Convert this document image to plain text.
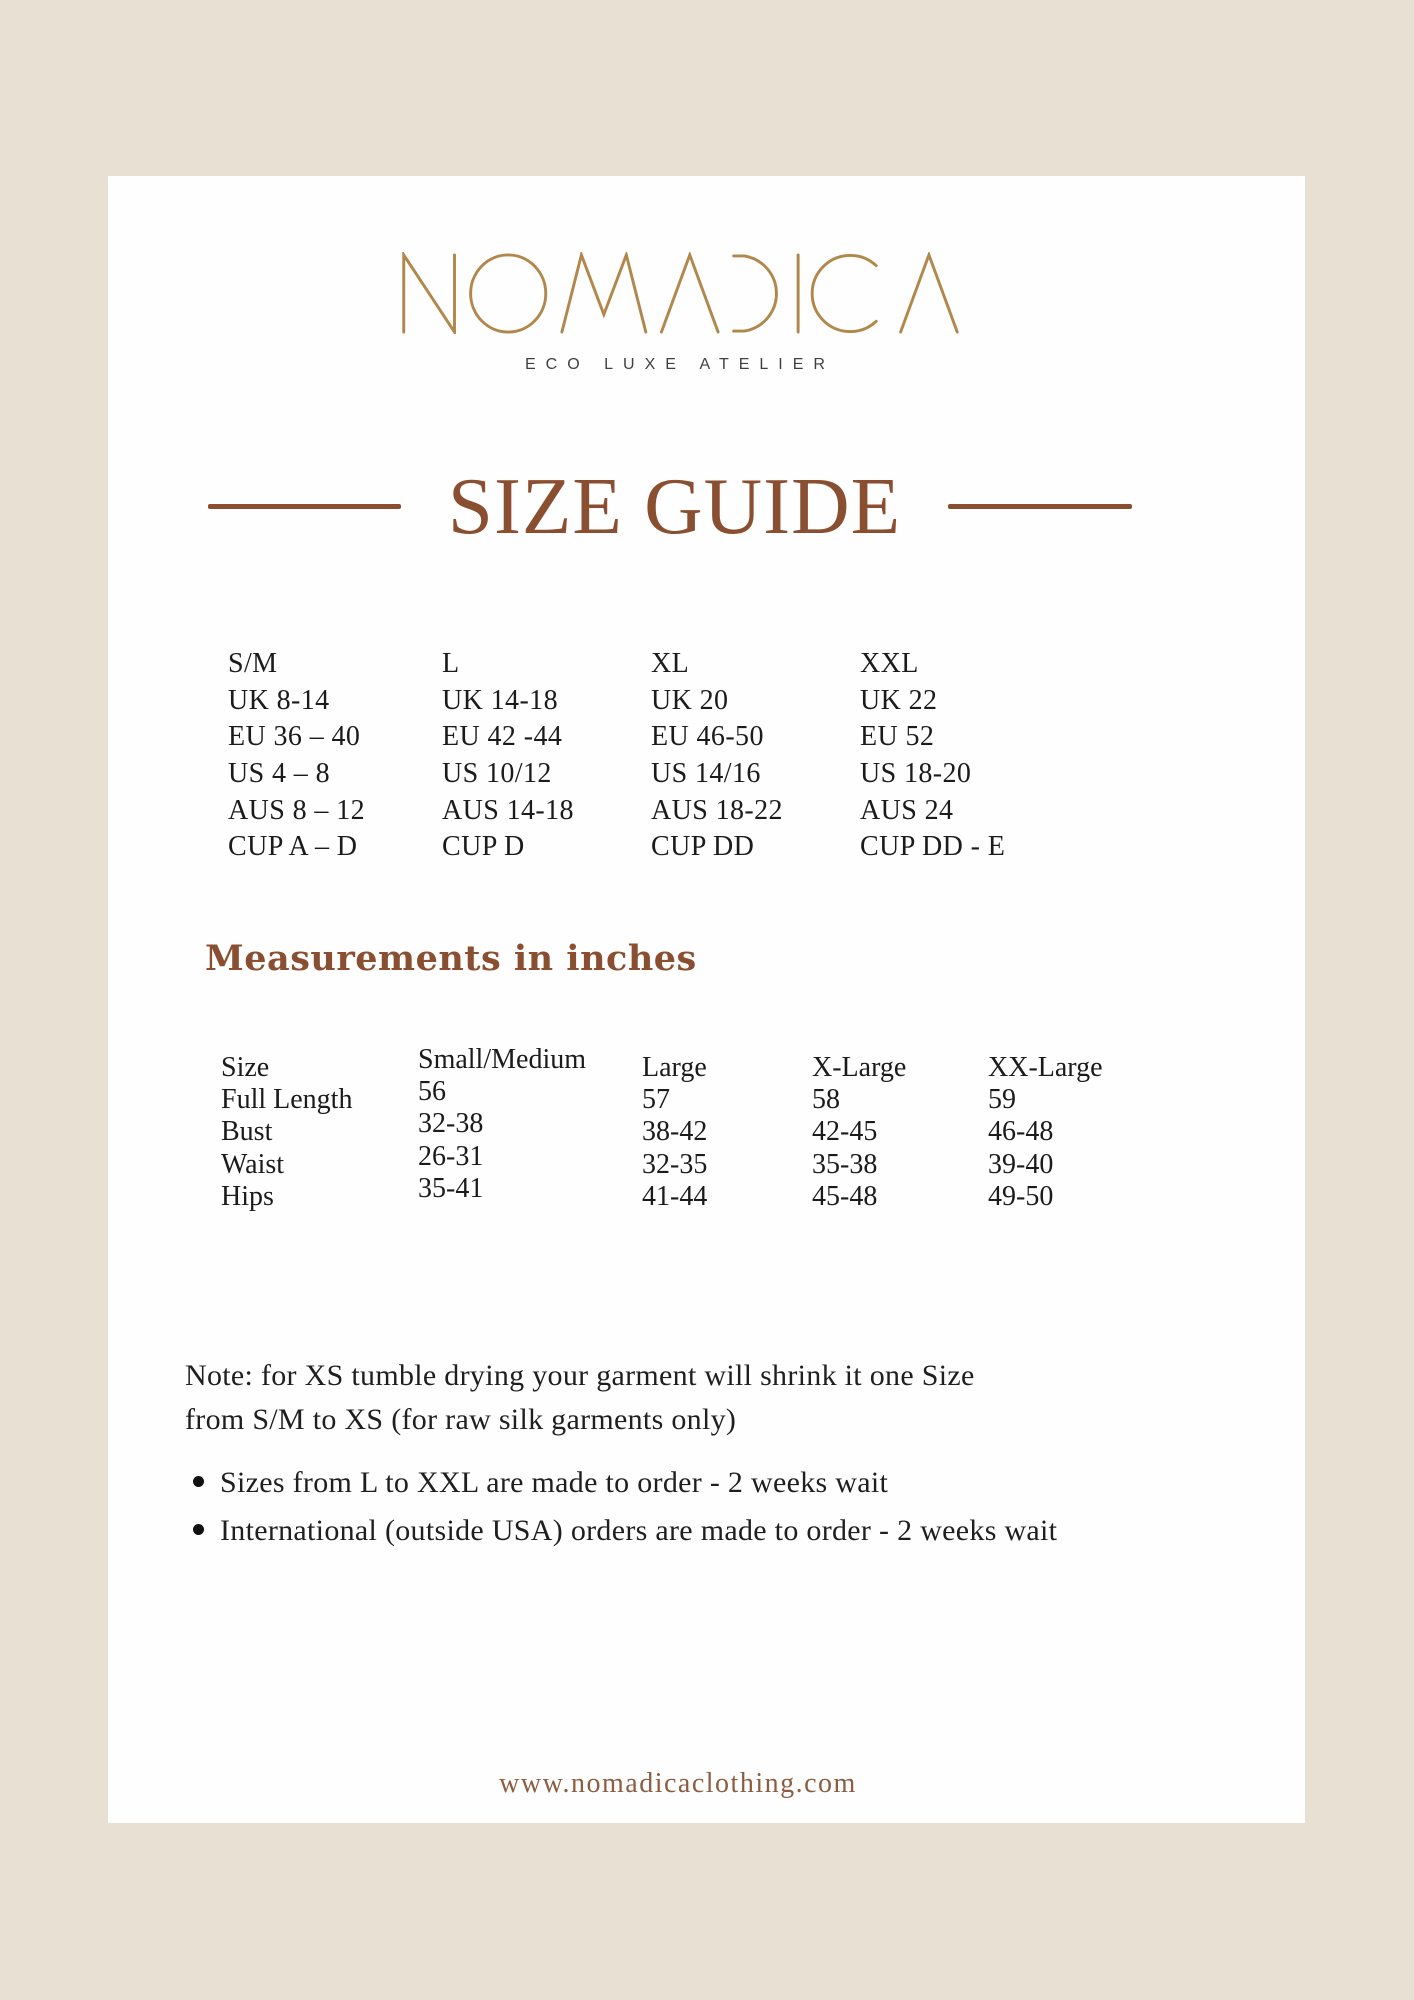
ECO LUXE ATELIER
SIZE GUIDE
S/M
UK 8-14
EU 36 – 40
US 4 – 8
AUS 8 – 12
CUP A – D
L
UK 14-18
EU 42 -44
US 10/12
AUS 14-18
CUP D
XL
UK 20
EU 46-50
US 14/16
AUS 18-22
CUP DD
XXL
UK 22
EU 52
US 18-20
AUS 24
CUP DD - E
Measurements in inches
Size
Full Length
Bust
Waist
Hips
Small/Medium
56
32-38
26-31
35-41
Large
57
38-42
32-35
41-44
X-Large
58
42-45
35-38
45-48
XX-Large
59
46-48
39-40
49-50
Note: for XS tumble drying your garment will shrink it one Size
from S/M to XS (for raw silk garments only)
Sizes from L to XXL are made to order - 2 weeks wait
International (outside USA) orders are made to order - 2 weeks wait
www.nomadicaclothing.com
